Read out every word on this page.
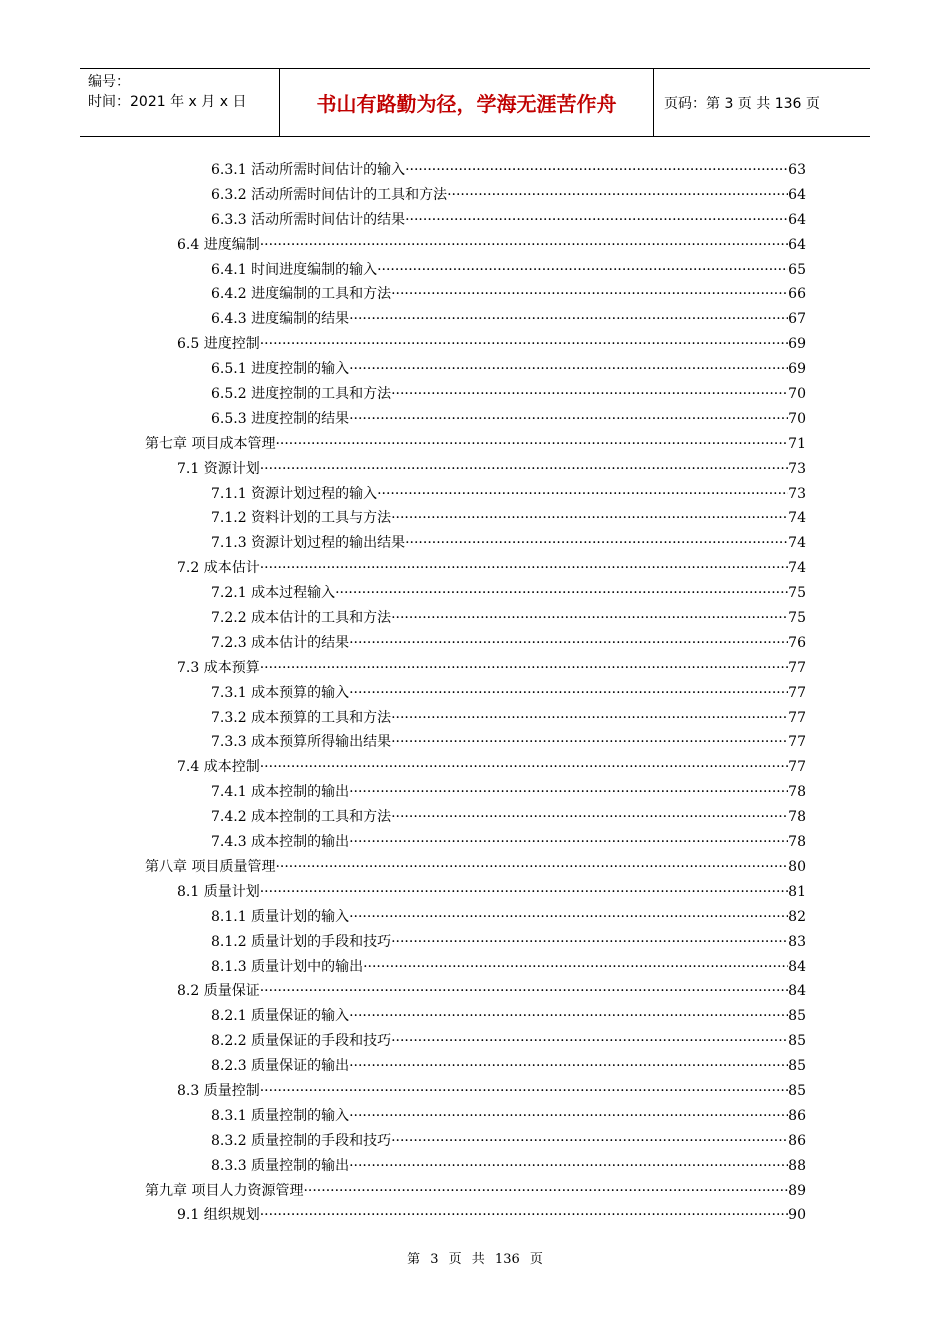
编号：
时间：2021 年 x 月 x 日	书山有路勤为径，学海无涯苦作舟	页码：第 3 页 共 136 页
6.3.1 活动所需时间估计的输入 ·····	63
6.3.2 活动所需时间估计的工具和方法 ·····	64
6.3.3 活动所需时间估计的结果 ·····	64
6.4 进度编制 ·····	64
6.4.1 时间进度编制的输入 ·····	65
6.4.2 进度编制的工具和方法 ·····	66
6.4.3 进度编制的结果 ·····	67
6.5 进度控制 ·····	69
6.5.1 进度控制的输入 ·····	69
6.5.2 进度控制的工具和方法 ·····	70
6.5.3 进度控制的结果 ·····	70
第七章 项目成本管理 ·····	71
7.1 资源计划 ·····	73
7.1.1 资源计划过程的输入 ·····	73
7.1.2 资料计划的工具与方法 ·····	74
7.1.3 资源计划过程的输出结果 ·····	74
7.2 成本估计 ·····	74
7.2.1 成本过程输入 ·····	75
7.2.2 成本估计的工具和方法 ·····	75
7.2.3 成本估计的结果 ·····	76
7.3 成本预算 ·····	77
7.3.1 成本预算的输入 ·····	77
7.3.2 成本预算的工具和方法 ·····	77
7.3.3 成本预算所得输出结果 ·····	77
7.4 成本控制 ·····	77
7.4.1 成本控制的输出 ·····	78
7.4.2 成本控制的工具和方法 ·····	78
7.4.3 成本控制的输出 ·····	78
第八章 项目质量管理 ·····	80
8.1 质量计划 ·····	81
8.1.1 质量计划的输入 ·····	82
8.1.2 质量计划的手段和技巧 ·····	83
8.1.3 质量计划中的输出 ·····	84
8.2 质量保证 ·····	84
8.2.1 质量保证的输入 ·····	85
8.2.2 质量保证的手段和技巧 ·····	85
8.2.3 质量保证的输出 ·····	85
8.3 质量控制 ·····	85
8.3.1 质量控制的输入 ·····	86
8.3.2 质量控制的手段和技巧 ·····	86
8.3.3 质量控制的输出 ·····	88
第九章 项目人力资源管理 ·····	89
9.1 组织规划 ·····	90
第 3 页 共 136 页
